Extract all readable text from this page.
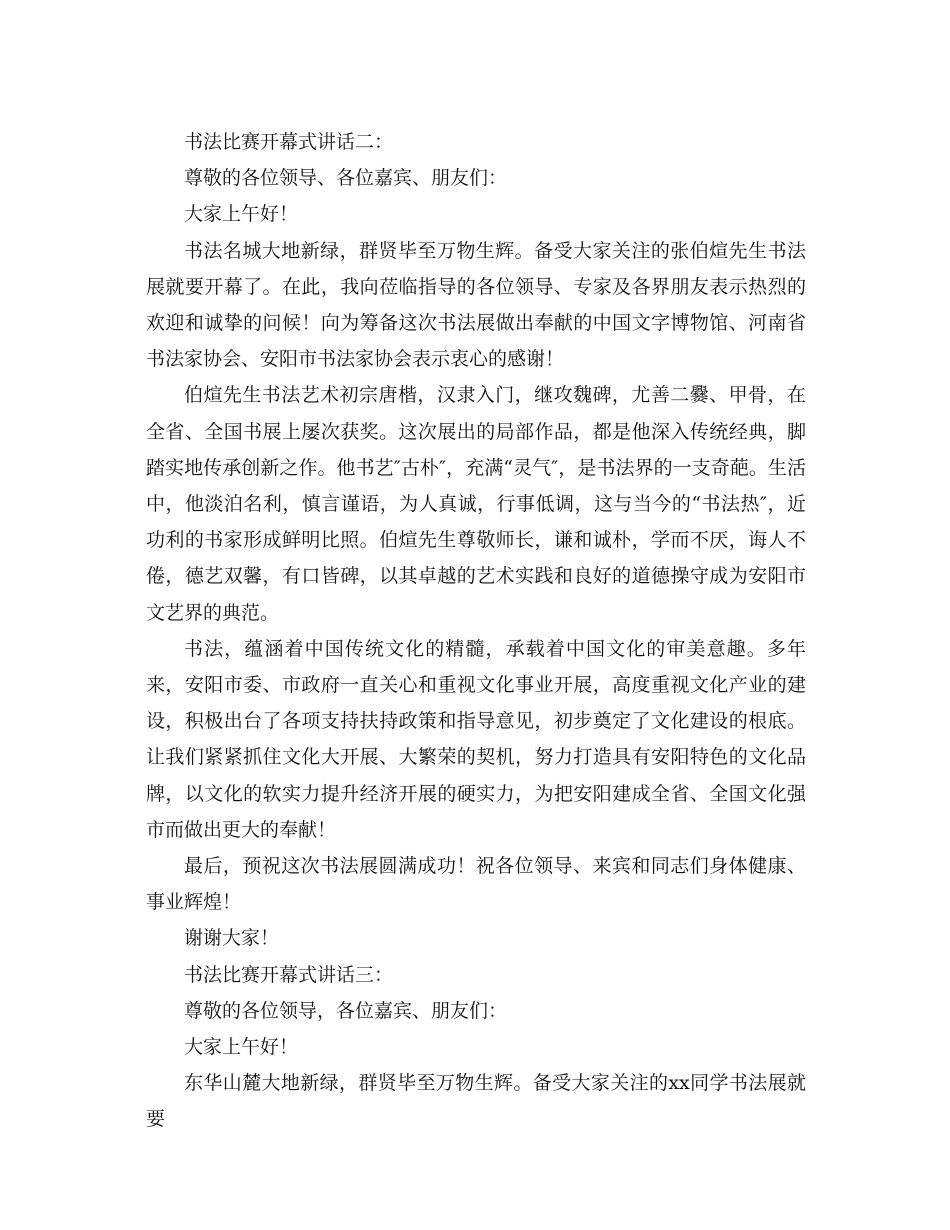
书法比赛开幕式讲话二：

尊敬的各位领导、各位嘉宾、朋友们：

大家上午好！

书法名城大地新绿，群贤毕至万物生辉。备受大家关注的张伯煊先生书法展就要开幕了。在此，我向莅临指导的各位领导、专家及各界朋友表示热烈的欢迎和诚挚的问候！向为筹备这次书法展做出奉献的中国文字博物馆、河南省书法家协会、安阳市书法家协会表示衷心的感谢！

伯煊先生书法艺术初宗唐楷，汉隶入门，继攻魏碑，尤善二爨、甲骨，在全省、全国书展上屡次获奖。这次展出的局部作品，都是他深入传统经典，脚踏实地传承创新之作。他书艺″古朴″，充满“灵气″，是书法界的一支奇葩。生活中，他淡泊名利，慎言谨语，为人真诚，行事低调，这与当今的“书法热″，近功利的书家形成鲜明比照。伯煊先生尊敬师长，谦和诚朴，学而不厌，诲人不倦，德艺双馨，有口皆碑，以其卓越的艺术实践和良好的道德操守成为安阳市文艺界的典范。

书法，蕴涵着中国传统文化的精髓，承载着中国文化的审美意趣。多年来，安阳市委、市政府一直关心和重视文化事业开展，高度重视文化产业的建设，积极出台了各项支持扶持政策和指导意见，初步奠定了文化建设的根底。让我们紧紧抓住文化大开展、大繁荣的契机，努力打造具有安阳特色的文化品牌，以文化的软实力提升经济开展的硬实力，为把安阳建成全省、全国文化强市而做出更大的奉献！

最后，预祝这次书法展圆满成功！祝各位领导、来宾和同志们身体健康、事业辉煌！

谢谢大家！

书法比赛开幕式讲话三：

尊敬的各位领导，各位嘉宾、朋友们：

大家上午好！

东华山麓大地新绿，群贤毕至万物生辉。备受大家关注的xx同学书法展就要
